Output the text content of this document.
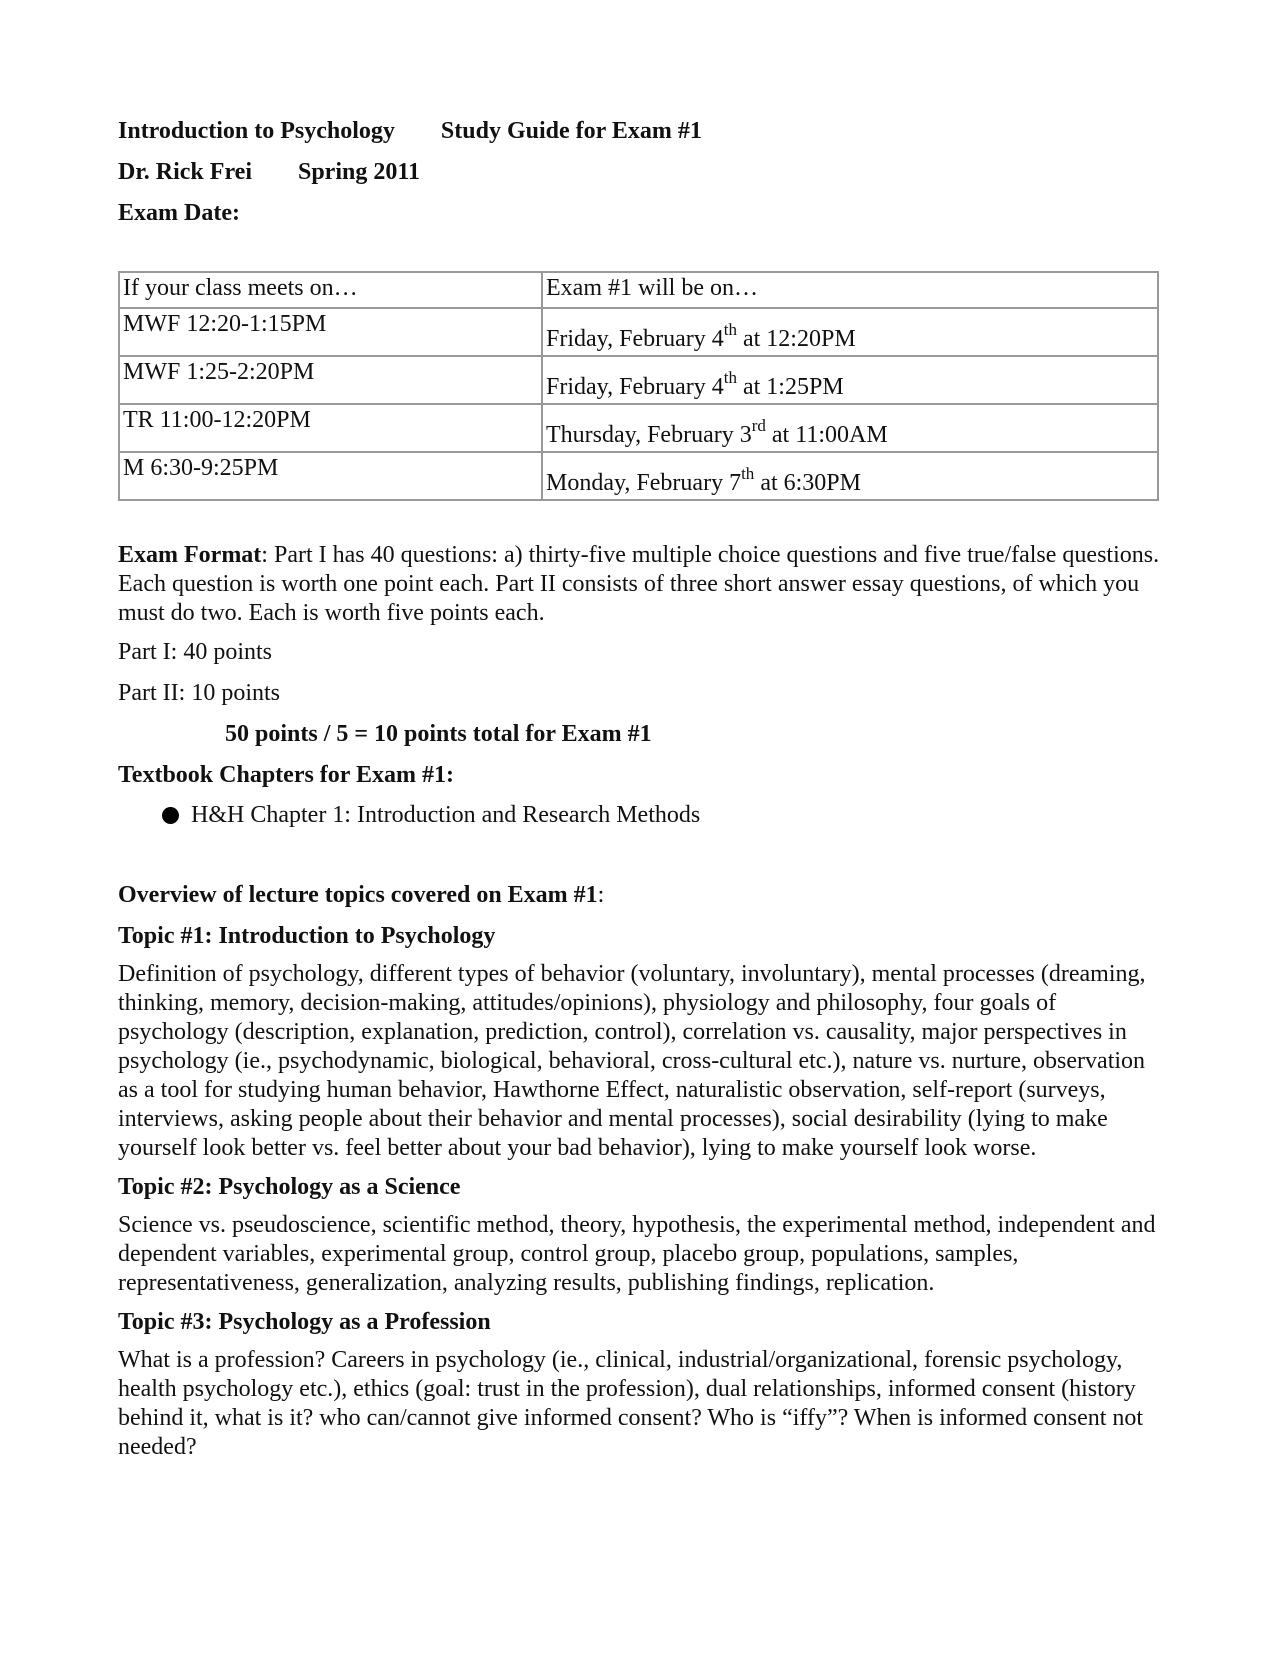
Introduction to Psychology Study Guide for Exam #1
Dr. Rick Frei Spring 2011
Exam Date:
If your class meets on…	Exam #1 will be on…
MWF 12:20-1:15PM	Friday, February 4th at 12:20PM
MWF 1:25-2:20PM	Friday, February 4th at 1:25PM
TR 11:00-12:20PM	Thursday, February 3rd at 11:00AM
M 6:30-9:25PM	Monday, February 7th at 6:30PM
Exam Format: Part I has 40 questions: a) thirty-five multiple choice questions and five true/false questions. Each question is worth one point each. Part II consists of three short answer essay questions, of which you must do two. Each is worth five points each.
Part I: 40 points
Part II: 10 points
50 points / 5 = 10 points total for Exam #1
Textbook Chapters for Exam #1:
H&H Chapter 1: Introduction and Research Methods
Overview of lecture topics covered on Exam #1:
Topic #1: Introduction to Psychology
Definition of psychology, different types of behavior (voluntary, involuntary), mental processes (dreaming, thinking, memory, decision-making, attitudes/opinions), physiology and philosophy, four goals of psychology (description, explanation, prediction, control), correlation vs. causality, major perspectives in psychology (ie., psychodynamic, biological, behavioral, cross-cultural etc.), nature vs. nurture, observation as a tool for studying human behavior, Hawthorne Effect, naturalistic observation, self-report (surveys, interviews, asking people about their behavior and mental processes), social desirability (lying to make yourself look better vs. feel better about your bad behavior), lying to make yourself look worse.
Topic #2: Psychology as a Science
Science vs. pseudoscience, scientific method, theory, hypothesis, the experimental method, independent and dependent variables, experimental group, control group, placebo group, populations, samples, representativeness, generalization, analyzing results, publishing findings, replication.
Topic #3: Psychology as a Profession
What is a profession? Careers in psychology (ie., clinical, industrial/organizational, forensic psychology, health psychology etc.), ethics (goal: trust in the profession), dual relationships, informed consent (history behind it, what is it? who can/cannot give informed consent? Who is “iffy”? When is informed consent not needed?
